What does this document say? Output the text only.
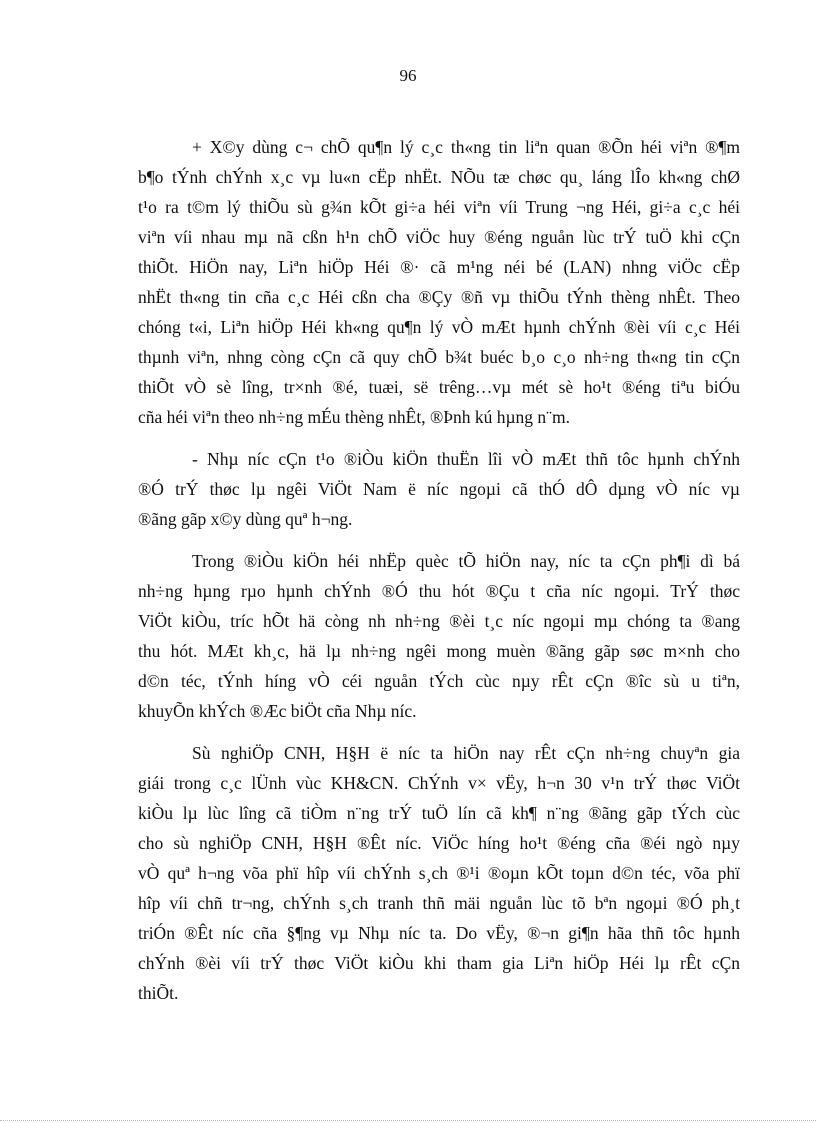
96
+ X©y dùng c¬ chÕ qu¶n lý c¸c th«ng tin liªn quan ®Õn héi viªn ®¶m
b¶o tÝnh chÝnh x¸c vµ lu«n cËp nhËt. NÕu tæ chøc qu¸ láng lÎo kh«ng chØ
t¹o ra t©m lý thiÕu sù g¾n kÕt gi÷a héi viªn víi Trung ¬ng Héi, gi÷a c¸c héi
viªn víi nhau mµ nã cßn h¹n chÕ viÖc huy ®éng nguån lùc trÝ tuÖ khi cÇn
thiÕt. HiÖn nay, Liªn hiÖp Héi ®· cã m¹ng néi bé (LAN) nhng viÖc cËp
nhËt th«ng tin cña c¸c Héi cßn cha ®Çy ®ñ vµ thiÕu tÝnh thèng nhÊt. Theo
chóng t«i, Liªn hiÖp Héi kh«ng qu¶n lý vÒ mÆt hµnh chÝnh ®èi víi c¸c Héi
thµnh viªn, nhng còng cÇn cã quy chÕ b¾t buéc b¸o c¸o nh÷ng th«ng tin cÇn
thiÕt vÒ sè lîng, tr×nh ®é, tuæi, së trêng…vµ mét sè ho¹t ®éng tiªu biÓu
cña héi viªn theo nh÷ng mÉu thèng nhÊt, ®Þnh kú hµng n¨m.
- Nhµ níc cÇn t¹o ®iÒu kiÖn thuËn lîi vÒ mÆt thñ tôc hµnh chÝnh
®Ó trÝ thøc lµ ngêi ViÖt Nam ë níc ngoµi cã thÓ dÔ dµng vÒ níc vµ
®ãng gãp x©y dùng quª h¬ng.
Trong ®iÒu kiÖn héi nhËp quèc tÕ hiÖn nay, níc ta cÇn ph¶i dì bá
nh÷ng hµng rµo hµnh chÝnh ®Ó thu hót ®Çu t cña níc ngoµi. TrÝ thøc
ViÖt kiÒu, tríc hÕt hä còng nh nh÷ng ®èi t¸c níc ngoµi mµ chóng ta ®ang
thu hót. MÆt kh¸c, hä lµ nh÷ng ngêi mong muèn ®ãng gãp søc m×nh cho
d©n téc, tÝnh híng vÒ céi nguån tÝch cùc nµy rÊt cÇn ®îc sù u tiªn,
khuyÕn khÝch ®Æc biÖt cña Nhµ níc.
Sù nghiÖp CNH, H§H ë níc ta hiÖn nay rÊt cÇn nh÷ng chuyªn gia
giái trong c¸c lÜnh vùc KH&CN. ChÝnh v× vËy, h¬n 30 v¹n trÝ thøc ViÖt
kiÒu lµ lùc lîng cã tiÒm n¨ng trÝ tuÖ lín cã kh¶ n¨ng ®ãng gãp tÝch cùc
cho sù nghiÖp CNH, H§H ®Êt níc. ViÖc híng ho¹t ®éng cña ®éi ngò nµy
vÒ quª h¬ng võa phï hîp víi chÝnh s¸ch ®¹i ®oµn kÕt toµn d©n téc, võa phï
hîp víi chñ tr¬ng, chÝnh s¸ch tranh thñ mäi nguån lùc tõ bªn ngoµi ®Ó ph¸t
triÓn ®Êt níc cña §¶ng vµ Nhµ níc ta. Do vËy, ®¬n gi¶n hãa thñ tôc hµnh
chÝnh ®èi víi trÝ thøc ViÖt kiÒu khi tham gia Liªn hiÖp Héi lµ rÊt cÇn
thiÕt.
